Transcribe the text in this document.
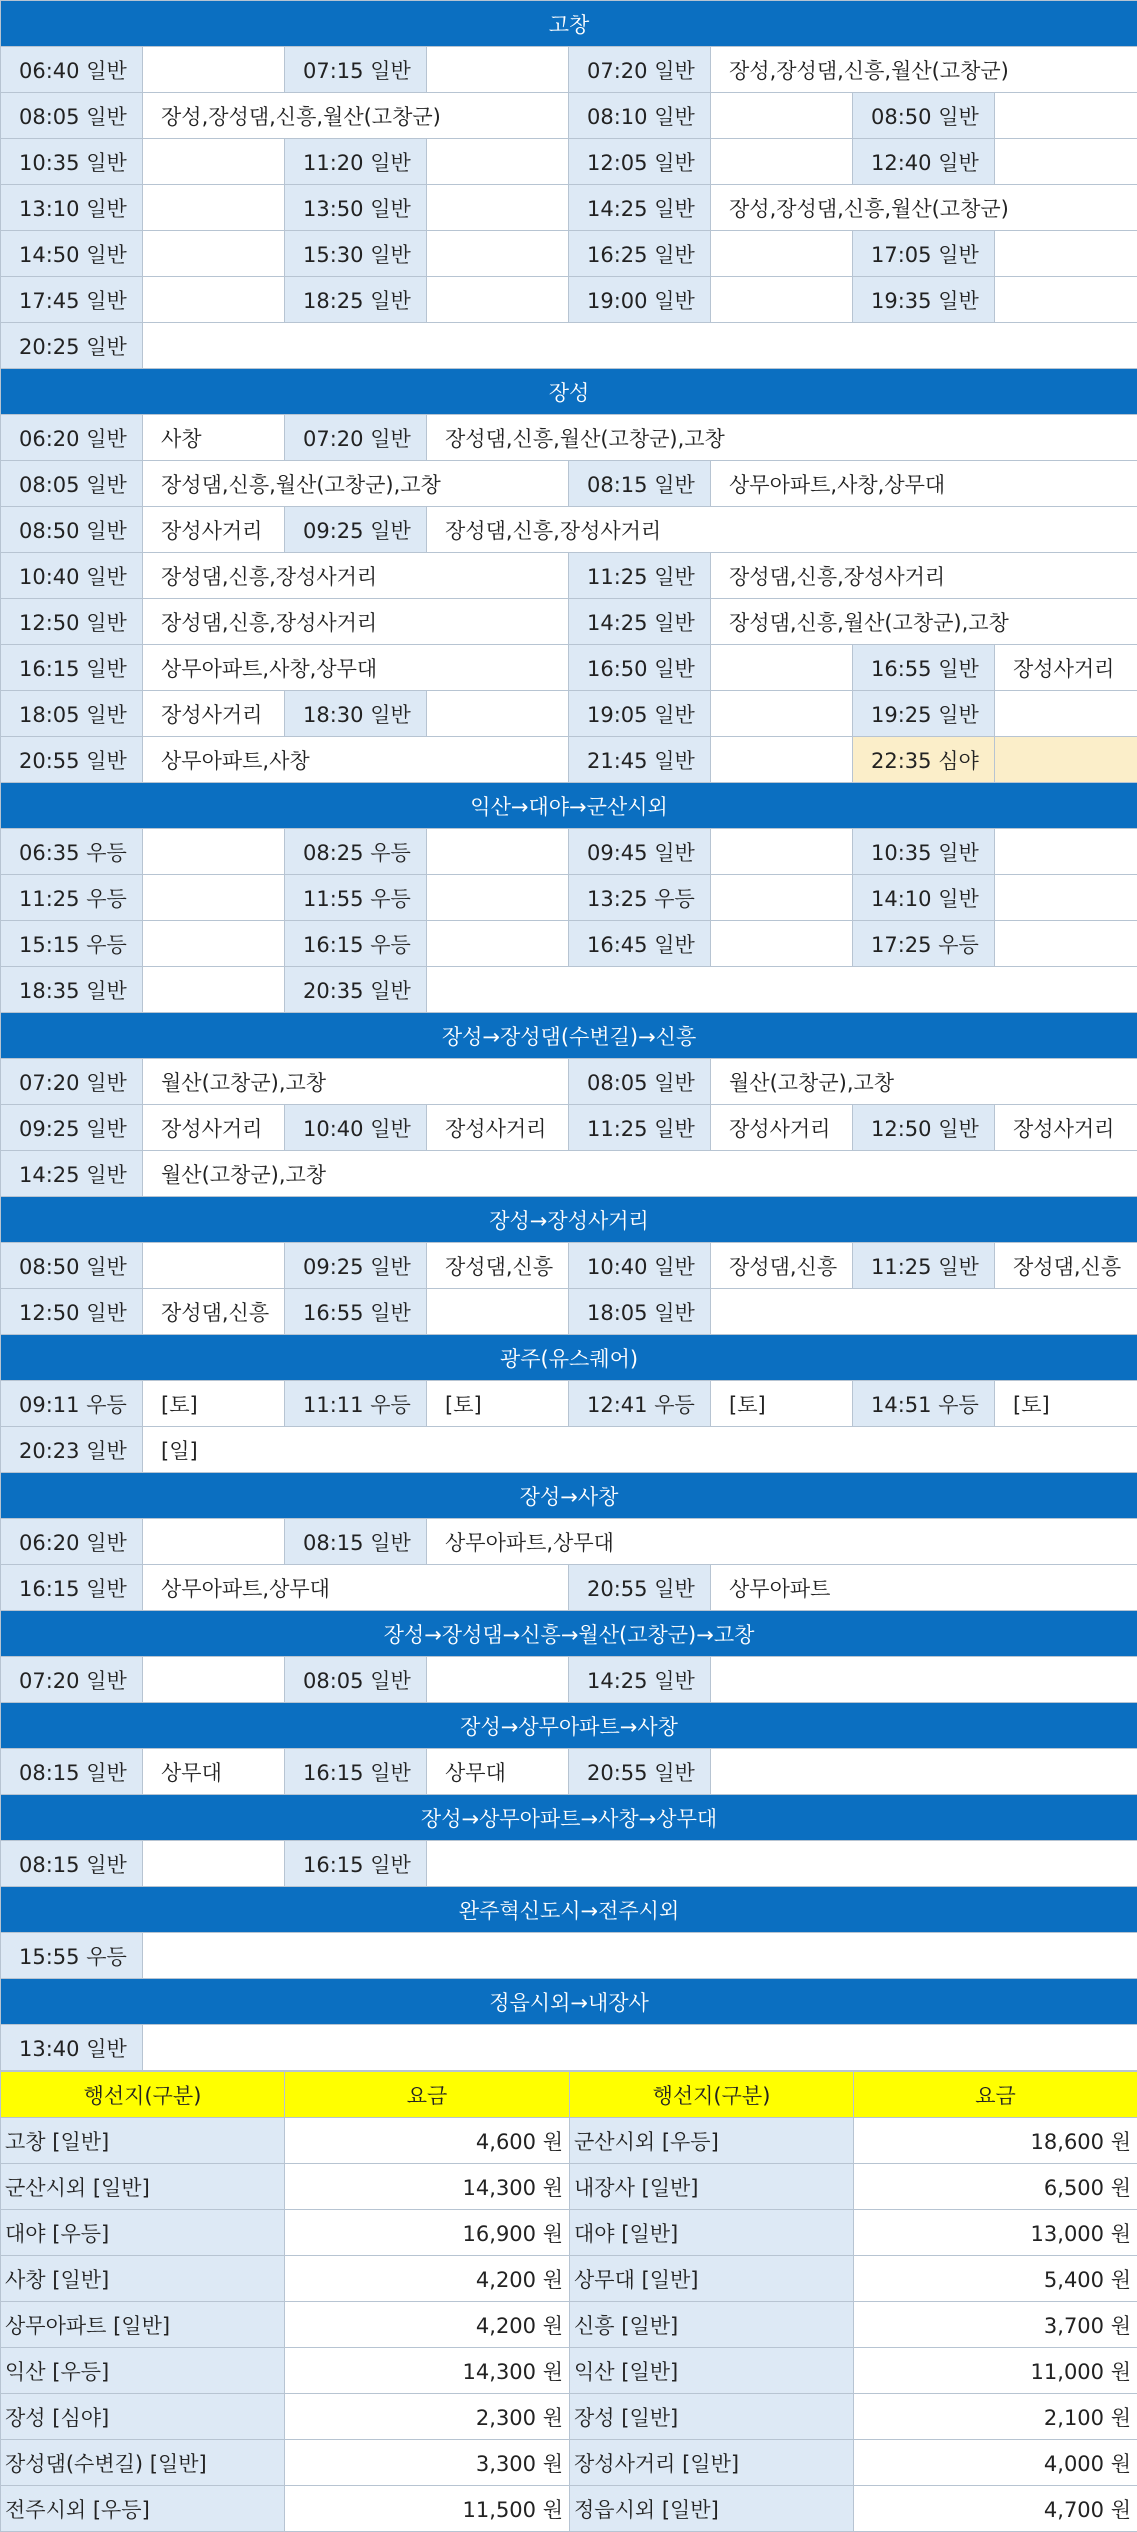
고창							
06:40 일반		07:15 일반		07:20 일반	장성,장성댐,신흥,월산(고창군)		
08:05 일반	장성,장성댐,신흥,월산(고창군)			08:10 일반		08:50 일반	
10:35 일반		11:20 일반		12:05 일반		12:40 일반	
13:10 일반		13:50 일반		14:25 일반	장성,장성댐,신흥,월산(고창군)		
14:50 일반		15:30 일반		16:25 일반		17:05 일반	
17:45 일반		18:25 일반		19:00 일반		19:35 일반	
20:25 일반							
장성							
06:20 일반	사창	07:20 일반	장성댐,신흥,월산(고창군),고창				
08:05 일반	장성댐,신흥,월산(고창군),고창			08:15 일반	상무아파트,사창,상무대		
08:50 일반	장성사거리	09:25 일반	장성댐,신흥,장성사거리				
10:40 일반	장성댐,신흥,장성사거리			11:25 일반	장성댐,신흥,장성사거리		
12:50 일반	장성댐,신흥,장성사거리			14:25 일반	장성댐,신흥,월산(고창군),고창		
16:15 일반	상무아파트,사창,상무대			16:50 일반		16:55 일반	장성사거리
18:05 일반	장성사거리	18:30 일반		19:05 일반		19:25 일반	
20:55 일반	상무아파트,사창			21:45 일반		22:35 심야	
익산→대야→군산시외							
06:35 우등		08:25 우등		09:45 일반		10:35 일반	
11:25 우등		11:55 우등		13:25 우등		14:10 일반	
15:15 우등		16:15 우등		16:45 일반		17:25 우등	
18:35 일반		20:35 일반					
장성→장성댐(수변길)→신흥							
07:20 일반	월산(고창군),고창			08:05 일반	월산(고창군),고창		
09:25 일반	장성사거리	10:40 일반	장성사거리	11:25 일반	장성사거리	12:50 일반	장성사거리
14:25 일반	월산(고창군),고창						
장성→장성사거리							
08:50 일반		09:25 일반	장성댐,신흥	10:40 일반	장성댐,신흥	11:25 일반	장성댐,신흥
12:50 일반	장성댐,신흥	16:55 일반		18:05 일반			
광주(유스퀘어)							
09:11 우등	[토]	11:11 우등	[토]	12:41 우등	[토]	14:51 우등	[토]
20:23 일반	[일]						
장성→사창							
06:20 일반		08:15 일반	상무아파트,상무대				
16:15 일반	상무아파트,상무대			20:55 일반	상무아파트		
장성→장성댐→신흥→월산(고창군)→고창							
07:20 일반		08:05 일반		14:25 일반			
장성→상무아파트→사창							
08:15 일반	상무대	16:15 일반	상무대	20:55 일반			
장성→상무아파트→사창→상무대							
08:15 일반		16:15 일반					
완주혁신도시→전주시외							
15:55 우등							
정읍시외→내장사							
13:40 일반							
행선지(구분)	요금	행선지(구분)	요금
고창 [일반]	4,600 원	군산시외 [우등]	18,600 원
군산시외 [일반]	14,300 원	내장사 [일반]	6,500 원
대야 [우등]	16,900 원	대야 [일반]	13,000 원
사창 [일반]	4,200 원	상무대 [일반]	5,400 원
상무아파트 [일반]	4,200 원	신흥 [일반]	3,700 원
익산 [우등]	14,300 원	익산 [일반]	11,000 원
장성 [심야]	2,300 원	장성 [일반]	2,100 원
장성댐(수변길) [일반]	3,300 원	장성사거리 [일반]	4,000 원
전주시외 [우등]	11,500 원	정읍시외 [일반]	4,700 원
